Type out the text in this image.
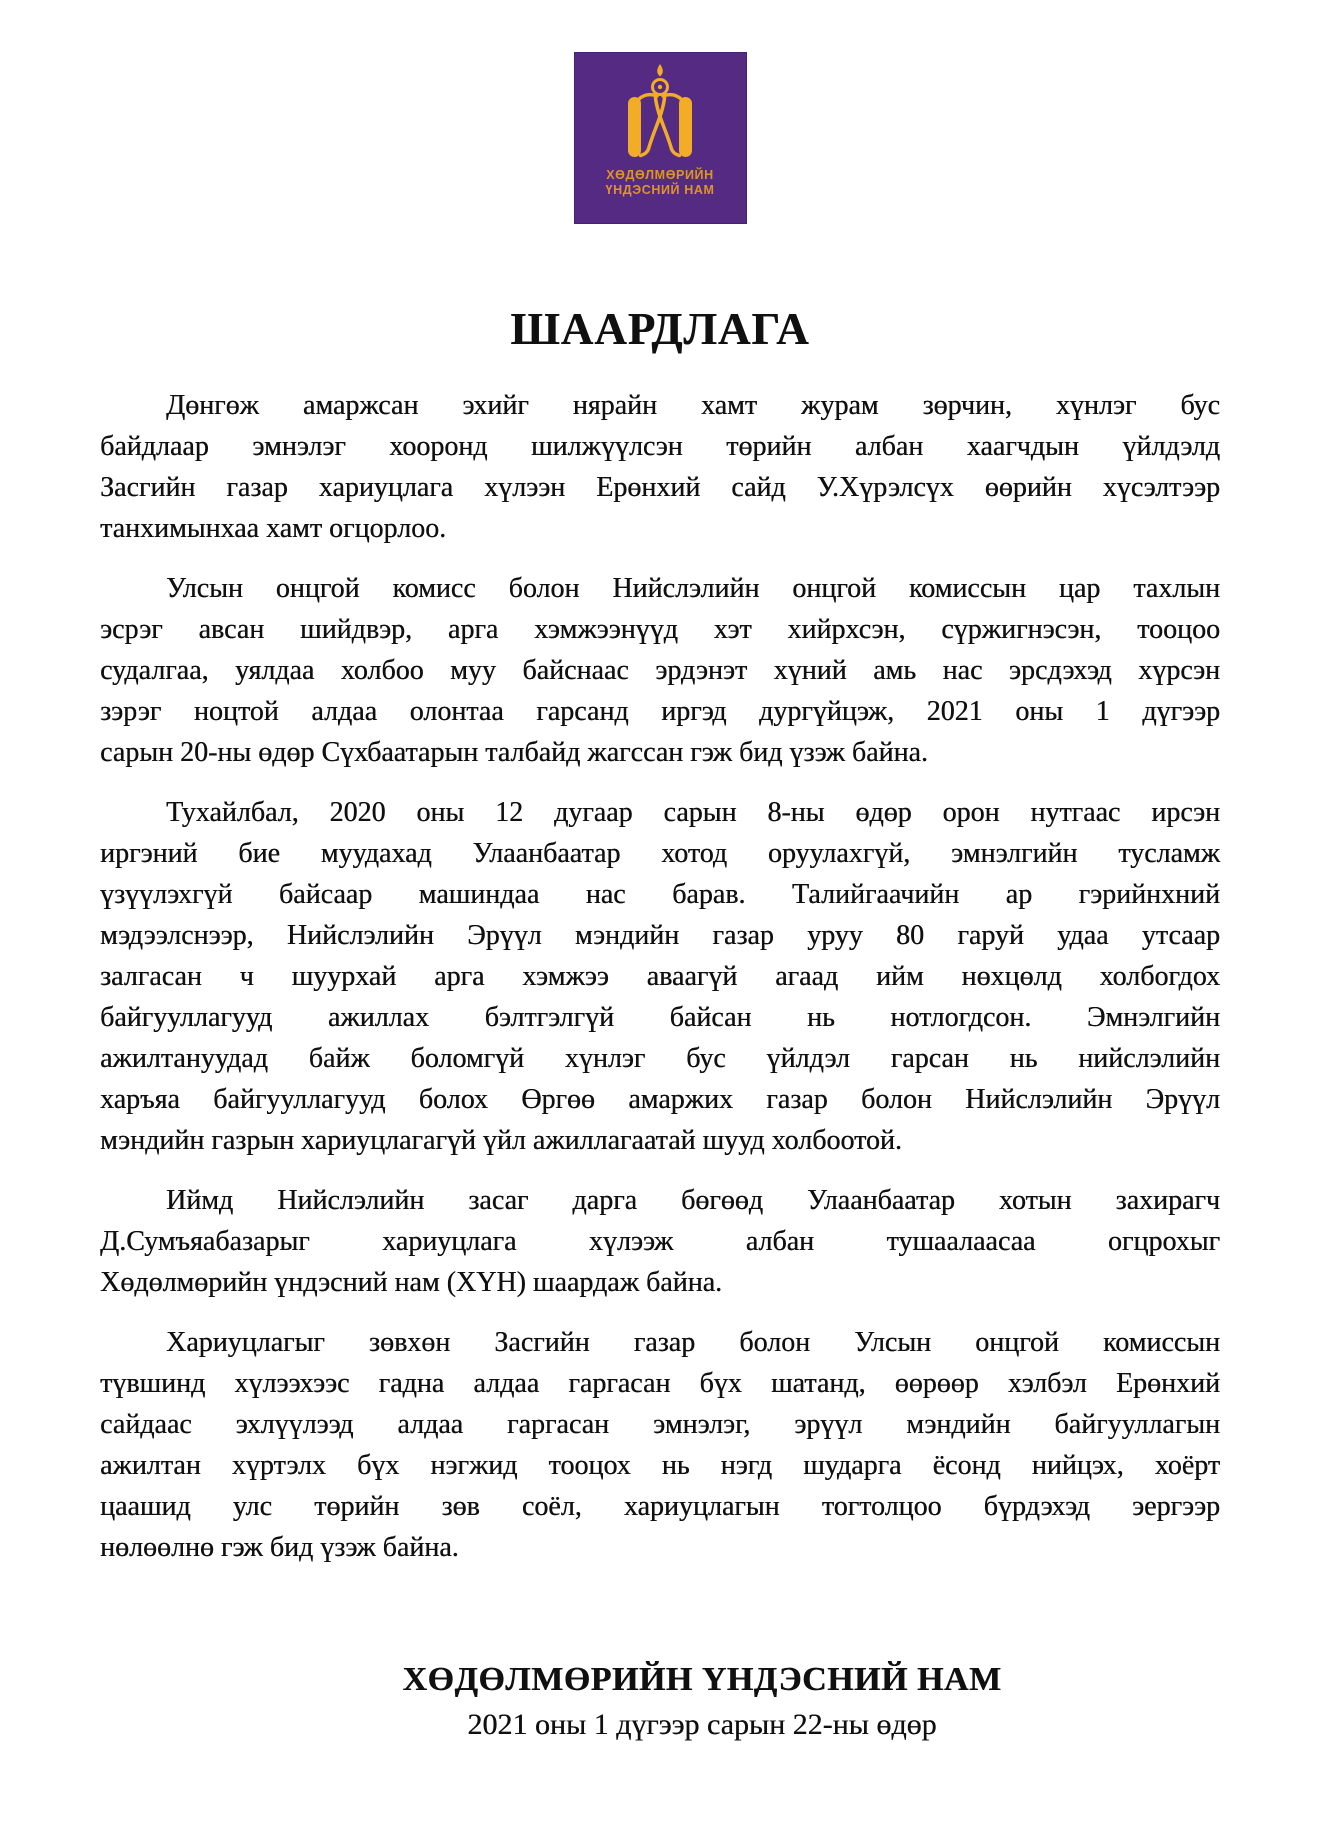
ХӨДӨЛМӨРИЙН
ҮНДЭСНИЙ НАМ
ШААРДЛАГА

Дөнгөж амаржсан эхийг нярайн хамт журам зөрчин, хүнлэг бус
байдлаар эмнэлэг хооронд шилжүүлсэн төрийн албан хаагчдын үйлдэлд
Засгийн газар хариуцлага хүлээн Ерөнхий сайд У.Хүрэлсүх өөрийн хүсэлтээр
танхимынхаа хамт огцорлоо.

Улсын онцгой комисс болон Нийслэлийн онцгой комиссын цар тахлын
эсрэг авсан шийдвэр, арга хэмжээнүүд хэт хийрхсэн, сүржигнэсэн, тооцоо
судалгаа, уялдаа холбоо муу байснаас эрдэнэт хүний амь нас эрсдэхэд хүрсэн
зэрэг ноцтой алдаа олонтаа гарсанд иргэд дургүйцэж, 2021 оны 1 дүгээр
сарын 20-ны өдөр Сүхбаатарын талбайд жагссан гэж бид үзэж байна.

Тухайлбал, 2020 оны 12 дугаар сарын 8-ны өдөр орон нутгаас ирсэн
иргэний бие муудахад Улаанбаатар хотод оруулахгүй, эмнэлгийн тусламж
үзүүлэхгүй байсаар машиндаа нас барав. Талийгаачийн ар гэрийнхний
мэдээлснээр, Нийслэлийн Эрүүл мэндийн газар уруу 80 гаруй удаа утсаар
залгасан ч шуурхай арга хэмжээ аваагүй агаад ийм нөхцөлд холбогдох
байгууллагууд ажиллах бэлтгэлгүй байсан нь нотлогдсон. Эмнэлгийн
ажилтануудад байж боломгүй хүнлэг бус үйлдэл гарсан нь нийслэлийн
харъяа байгууллагууд болох Өргөө амаржих газар болон Нийслэлийн Эрүүл
мэндийн газрын хариуцлагагүй үйл ажиллагаатай шууд холбоотой.

Иймд Нийслэлийн засаг дарга бөгөөд Улаанбаатар хотын захирагч
Д.Сумъяабазарыг хариуцлага хүлээж албан тушаалаасаа огцрохыг
Хөдөлмөрийн үндэсний нам (ХҮН) шаардаж байна.

Хариуцлагыг зөвхөн Засгийн газар болон Улсын онцгой комиссын
түвшинд хүлээхээс гадна алдаа гаргасан бүх шатанд, өөрөөр хэлбэл Ерөнхий
сайдаас эхлүүлээд алдаа гаргасан эмнэлэг, эрүүл мэндийн байгууллагын
ажилтан хүртэлх бүх нэгжид тооцох нь нэгд шударга ёсонд нийцэх, хоёрт
цаашид улс төрийн зөв соёл, хариуцлагын тогтолцоо бүрдэхэд эергээр
нөлөөлнө гэж бид үзэж байна.

ХӨДӨЛМӨРИЙН ҮНДЭСНИЙ НАМ
2021 оны 1 дүгээр сарын 22-ны өдөр
